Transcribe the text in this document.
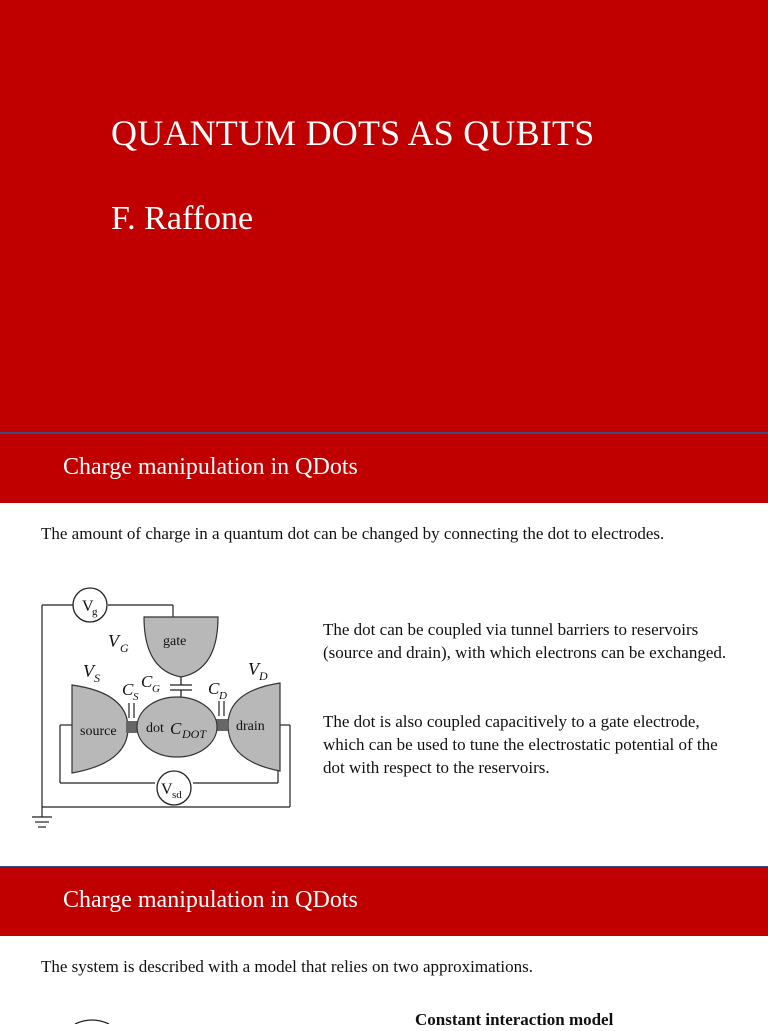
QUANTUM DOTS AS QUBITS
F. Raffone
Charge manipulation in QDots
The amount of charge in a quantum dot can be changed by connecting the dot to electrodes.
V
g
V sd
gate
source	drain
dot C DOT
V G
V S	V D
C S
C G	C D
The dot can be coupled via tunnel barriers to reservoirs (source and drain), with which electrons can be exchanged.
The dot is also coupled capacitively to a gate electrode, which can be used to tune the electrostatic potential of the dot with respect to the reservoirs.
Charge manipulation in QDots
The system is described with a model that relies on two approximations.
Constant interaction model
